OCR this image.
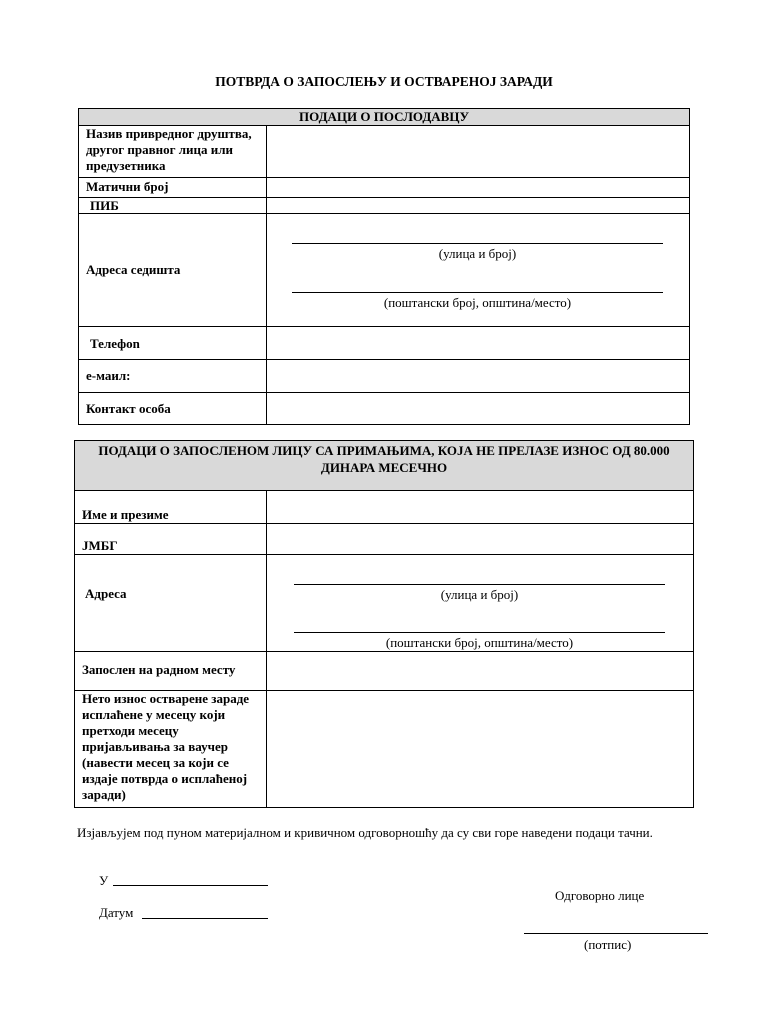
ПОТВРДА О ЗАПОСЛЕЊУ И ОСТВАРЕНОЈ ЗАРАДИ
ПОДАЦИ О ПОСЛОДАВЦУ
Назив привредног друштва, другог правног лица или предузетника
Матични број
ПИБ
Адреса седишта
Телефоn
е-маил:
Контакт особа
(улица и број)
(поштански број, општина/место)
ПОДАЦИ О ЗАПОСЛЕНОМ ЛИЦУ СА ПРИМАЊИМА, КОЈА НЕ ПРЕЛАЗЕ ИЗНОС ОД 80.000 ДИНАРА МЕСЕЧНО
Име и презиме
ЈМБГ
Адреса
Запослен на радном месту
Нето износ остварене зараде исплаћене у месецу који претходи месецу пријављивања за ваучер (навести месец за који се издаје потврда о исплаћеној заради)
(улица и број)
(поштански број, општина/место)
Изјављујем под пуном материјалном и кривичном одговорношћу да су сви горе наведени подаци тачни.
У
Датум
Одговорно лице
(потпис)
